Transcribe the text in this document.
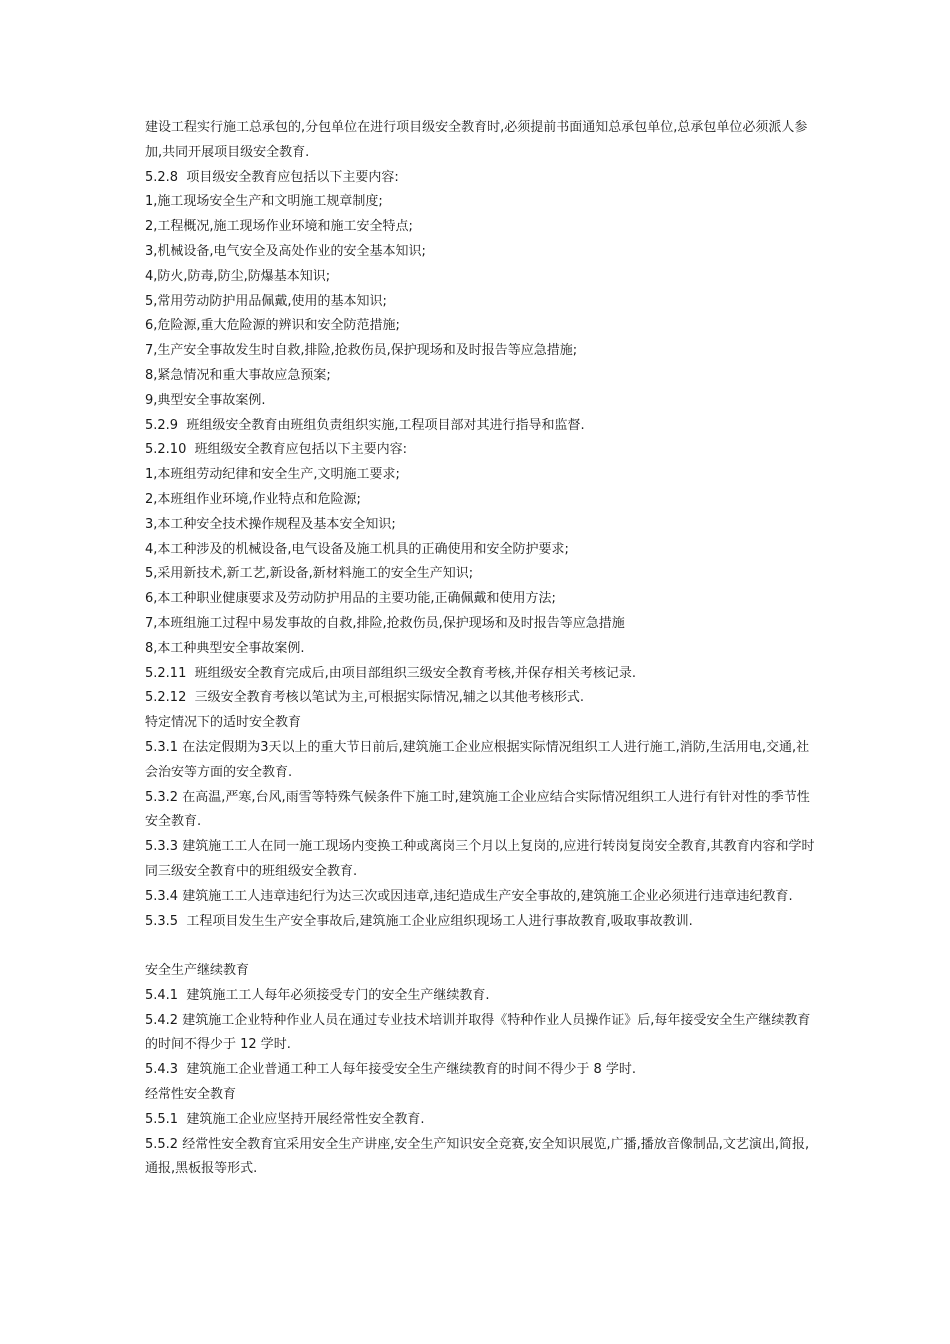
建设工程实行施工总承包的,分包单位在进行项目级安全教育时,必须提前书面通知总承包单位,总承包单位必须派人参加,共同开展项目级安全教育.
5.2.8  项目级安全教育应包括以下主要内容:
1,施工现场安全生产和文明施工规章制度;
2,工程概况,施工现场作业环境和施工安全特点;
3,机械设备,电气安全及高处作业的安全基本知识;
4,防火,防毒,防尘,防爆基本知识;
5,常用劳动防护用品佩戴,使用的基本知识;
6,危险源,重大危险源的辨识和安全防范措施;
7,生产安全事故发生时自救,排险,抢救伤员,保护现场和及时报告等应急措施;
8,紧急情况和重大事故应急预案;
9,典型安全事故案例.
5.2.9  班组级安全教育由班组负责组织实施,工程项目部对其进行指导和监督.
5.2.10  班组级安全教育应包括以下主要内容:
1,本班组劳动纪律和安全生产,文明施工要求;
2,本班组作业环境,作业特点和危险源;
3,本工种安全技术操作规程及基本安全知识;
4,本工种涉及的机械设备,电气设备及施工机具的正确使用和安全防护要求;
5,采用新技术,新工艺,新设备,新材料施工的安全生产知识;
6,本工种职业健康要求及劳动防护用品的主要功能,正确佩戴和使用方法;
7,本班组施工过程中易发事故的自救,排险,抢救伤员,保护现场和及时报告等应急措施
8,本工种典型安全事故案例.
5.2.11  班组级安全教育完成后,由项目部组织三级安全教育考核,并保存相关考核记录.
5.2.12  三级安全教育考核以笔试为主,可根据实际情况,辅之以其他考核形式.
特定情况下的适时安全教育
5.3.1 在法定假期为3天以上的重大节日前后,建筑施工企业应根据实际情况组织工人进行施工,消防,生活用电,交通,社会治安等方面的安全教育.
5.3.2 在高温,严寒,台风,雨雪等特殊气候条件下施工时,建筑施工企业应结合实际情况组织工人进行有针对性的季节性安全教育.
5.3.3 建筑施工工人在同一施工现场内变换工种或离岗三个月以上复岗的,应进行转岗复岗安全教育,其教育内容和学时同三级安全教育中的班组级安全教育.
5.3.4 建筑施工工人违章违纪行为达三次或因违章,违纪造成生产安全事故的,建筑施工企业必须进行违章违纪教育.
5.3.5  工程项目发生生产安全事故后,建筑施工企业应组织现场工人进行事故教育,吸取事故教训.
安全生产继续教育
5.4.1  建筑施工工人每年必须接受专门的安全生产继续教育.
5.4.2 建筑施工企业特种作业人员在通过专业技术培训并取得《特种作业人员操作证》后,每年接受安全生产继续教育的时间不得少于 12 学时.
5.4.3  建筑施工企业普通工种工人每年接受安全生产继续教育的时间不得少于 8 学时.
经常性安全教育
5.5.1  建筑施工企业应坚持开展经常性安全教育.
5.5.2 经常性安全教育宜采用安全生产讲座,安全生产知识安全竞赛,安全知识展览,广播,播放音像制品,文艺演出,简报,通报,黑板报等形式.
